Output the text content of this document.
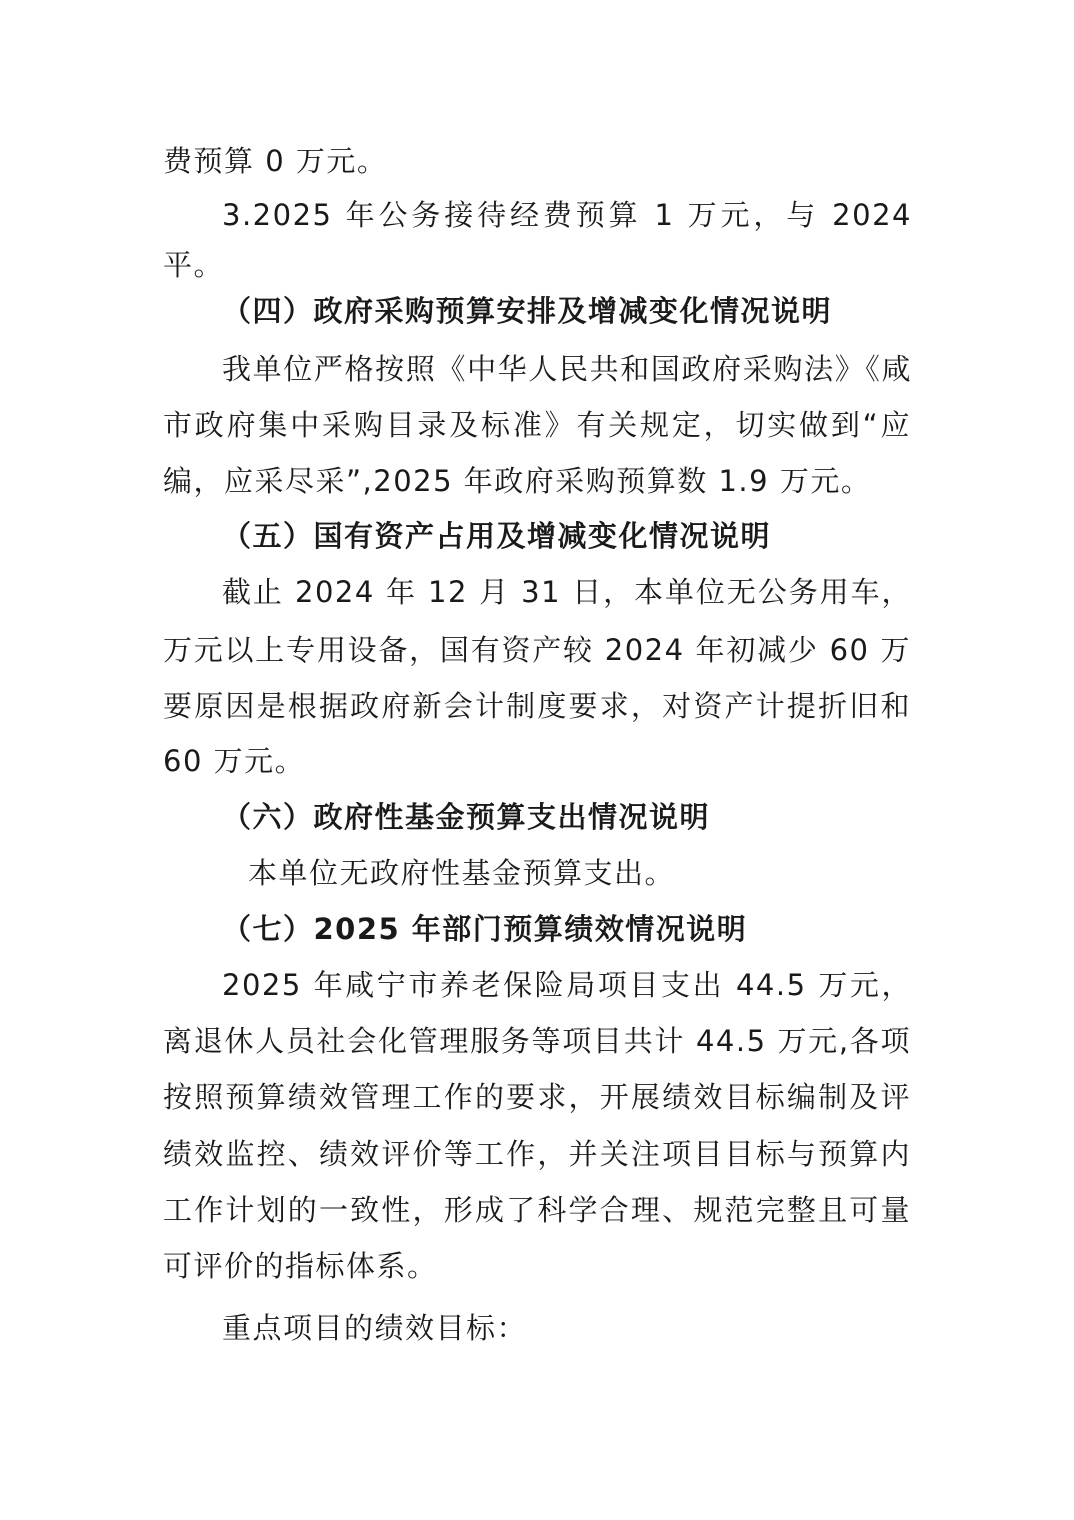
费预算 0 万元。
3.2025 年公务接待经费预算 1 万元，与 2024
平。
（四）政府采购预算安排及增减变化情况说明
我单位严格按照《中华人民共和国政府采购法》《咸
市政府集中采购目录及标准》有关规定，切实做到“应
编，应采尽采”,2025 年政府采购预算数 1.9 万元。
（五）国有资产占用及增减变化情况说明
截止 2024 年 12 月 31 日，本单位无公务用车，
万元以上专用设备，国有资产较 2024 年初减少 60 万
要原因是根据政府新会计制度要求，对资产计提折旧和
60 万元。
（六）政府性基金预算支出情况说明
本单位无政府性基金预算支出。
（七）2025 年部门预算绩效情况说明
2025 年咸宁市养老保险局项目支出 44.5 万元，
离退休人员社会化管理服务等项目共计 44.5 万元,各项
按照预算绩效管理工作的要求，开展绩效目标编制及评
绩效监控、绩效评价等工作，并关注项目目标与预算内
工作计划的一致性，形成了科学合理、规范完整且可量
可评价的指标体系。
重点项目的绩效目标：
